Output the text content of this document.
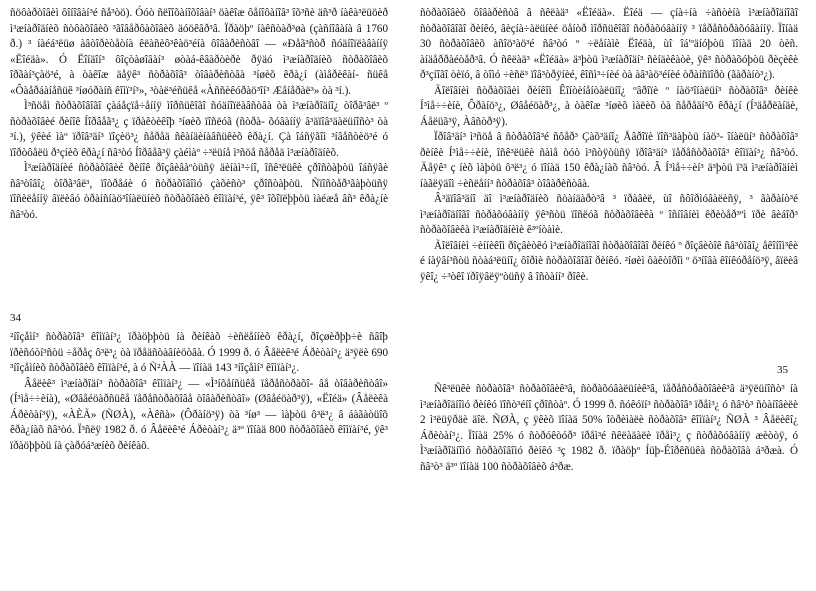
ñöôàðòîâèì ôîíîâàí³é ñå³òö). Óóò ñëîîõàíîõîâàí³ öàêîæ ôåíîôàíîâ³ îõ³ñè äñ³ð íàêà³ëüöèð ì³æíàðîäíèõ ñòôàõîâèõ ³ãîâåðôàõîâèõ äóöêâð³â. Ïðàöþº íàêñòàð³øà (çàñíîâàíà â 1760 ð.) ³ íàéá³ëüø àâòîðèòåòíà êëàñèô³êàö³éíà ôîâàðèñòâî — «Ðåã³ñòð ñóäíîïëàâàííÿ «Ëîéäà». Ó Ëîíäîí³ ôîçòàøîâàí³ øòàá-êâàðòèðè ðÿäó ì³æíàðîäíèõ ñòðàõîâèõ îðãàí³çàö³é, à òàêîæ äåÿê³ ñòðàõîâ³ òîâàðèñòâà ³íøèõ êðà¿í (àìåðèêàí- ñüêå «Ôàåðáàíåñüê ³íøóðàíñ êîìï³í³», ³òàë³éñüêå «Àññèêóðàö³îí³ Æåíåðàë³» òà ³í.).

Ì³ñöåì ñòðàõîâîãî çàáåçïå÷åííÿ ìîðñüêîãî ñóäíîïëàâñòâà òà ì³æíàðîäíî¿ òîðã³âë³ º ñòðàõîâèé ðèíîê Íîðâåã³¿ ç ïðàêòèêîþ ³íøèõ ïîñëóã (ñòðà- õóâàííÿ â³äïîâ³äàëüíîñò³ òà ³í.), ÿêèé ìàº ïðîâ³äí³ ïîçèö³¿ ñåðåä ñêàíäèíàâñüêèõ êðà¿í. Çà îáñÿãîì ³íâåñòèö³é ó ïîðòôåëü ð³çíèõ êðà¿í ñâ³òó Íîðâåã³ÿ çàéìàº ÷³ëüíå ì³ñöå ñåðåä ì³æíàðîäíèõ.

Ì³æíàðîäíèé ñòðàõîâèé ðèíîê ðîçâèâàºòüñÿ äèíàì³÷íî, îñê³ëüêè çðîñòàþòü îáñÿãè ñâ³òîâî¿ òîðã³âë³, ïîòðåáè ó ñòðàõîâîìó çàõèñò³ çðîñòàþòü. Ñïîñòåð³ãàþòüñÿ ïîñèëåííÿ âïëèâó òðàíñíàö³îíàëüíèõ ñòðàõîâèõ êîìïàí³é, ÿê³ îõîïëþþòü ìàéæå âñ³ êðà¿íè ñâ³òó.

34

²íîçåìí³ ñòðàõîâ³ êîìïàí³¿ ïðàöþþòü íà ðèíêàõ ÷èñëåííèõ êðà¿í, ðîçøèðþþ÷è ñâîþ ïðèñóòí³ñòü ÷åðåç ô³ë³¿ òà ïðåäñòàâíèöòâà. Ó 1999 ð. ó Âåëèê³é Áðèòàí³¿ ä³ÿëè 690 ³íîçåìíèõ ñòðàõîâèõ êîìïàí³é, à ó Ñ²ÀÀ — ïîíàä 143 ³íîçåìí³ êîìïàí³¿.

Âåëèê³ ì³æíàðîäí³ ñòðàõîâ³ êîìïàí³¿ — «Ì³íõåíñüêå ïåðåñòðàõî- âå òîâàðèñòâî» (Í³ìå÷÷èíà), «Øâåéöàðñüêå ïåðåñòðàõîâå òîâàðèñòâî» (Øâåéöàð³ÿ), «Ëîéä» (Âåëèêà Áðèòàí³ÿ), «ÀÈÃ» (ÑØÀ), «Àêñà» (Ôðàíö³ÿ) òà ³íø³ — ìàþòü ô³ë³¿ â áàãàòüîõ êðà¿íàõ ñâ³òó. Ï³ñëÿ 1982 ð. ó Âåëèê³é Áðèòàí³¿ ä³º ïîíàä 800 ñòðàõîâèõ êîìïàí³é, ÿê³ ïðàöþþòü íà çàðóá³æíèõ ðèíêàõ.

ñòðàõîâèõ ôîâàðèñòâ â ñêëàä³ «Ëîéäà». Ëîéä — çíà÷íà ÷àñòèíà ì³æíàðîäíîãî ñòðàõîâîãî ðèíêó, âèçíà÷àëüíèé öåíòð ìîðñüêîãî ñòðàõóâàííÿ ³ ïåðåñòðàõóâàííÿ. Ïîíàä 30 ñòðàõîâèõ àñîö³àö³é ñâ³òó º ÷ëåíàìè Ëîéäà, ùî îá'ºäíóþòü ïîíàä 20 òèñ. àíäåððàéòåð³â. Ó ñêëàä³ «Ëîéäà» ä³þòü ì³æíàðîäí³ ñèíäèêàòè, ÿê³ ñòðàõóþòü ðèçèêè ð³çíîãî òèïó, â òîìó ÷èñë³ ïîâ³òðÿíèé, êîñì³÷íèé òà àâ³àö³éíèé òðàíñïîðò (ãàðàíò³¿).

Ãîëîâíèì ñòðàõîâèì ðèíêîì Êîíòèíåíòàëüíî¿ ºâðîïè º íàö³îíàëüí³ ñòðàõîâ³ ðèíêè Í³ìå÷÷èíè, Ôðàíö³¿, Øâåéöàð³¿, à òàêîæ ³íøèõ ìàëèõ òà ñåðåäí³õ êðà¿í (Í³äåðëàíäè, Áåëüã³ÿ, Àâñòð³ÿ).

Ïðîâ³äí³ ì³ñöå â ñòðàõîâ³é ñôåð³ Çàõ³äíî¿ Åâðîïè ïîñ³äàþòü íàö³- îíàëüí³ ñòðàõîâ³ ðèíêè Í³ìå÷÷èíè, îñê³ëüêè ñàìå òóò ì³ñòÿòüñÿ ïðîâ³äí³ ïåðåñòðàõîâ³ êîìïàí³¿ ñâ³òó. Äåÿê³ ç íèõ ìàþòü ô³ë³¿ ó ïîíàä 150 êðà¿íàõ ñâ³òó. Â Í³ìå÷÷èí³ ä³þòü ï³ä ì³æíàðîäíèì íàãëÿäîì ÷èñëåíí³ ñòðàõîâ³ òîâàðèñòâà.

Â³äïîâ³äíî äî ì³æíàðîäíèõ ñòàíäàðò³â ³ ïðàâèë, ùî ñôîðìóâàëèñÿ, ³ ãàðàíò³é ì³æíàðîäíîãî ñòðàõóâàííÿ ÿê³ñòü ïîñëóã ñòðàõîâèêà º îñíîâíèì êðèòåð³ºì ïðè âèáîð³ ñòðàõîâèêà ì³æíàðîäíèìè ê³ºíòàìè.

Ãîëîâíèì ÷èííèêîì ðîçâèòêó ì³æíàðîäíîãî ñòðàõîâîãî ðèíêó º ðîçâèòîê ñâ³òîâî¿ åêîíîì³êè é íàÿâí³ñòü ñòàá³ëüíî¿ ôîðìè ñòðàõîâîãî ðèíêó. ²íøèì ôàêòîðîì º ö³íîâà êîíêóðåíö³ÿ, âïëèâ ÿêî¿ ÷³òêî ïðîÿâëÿºòüñÿ â îñòàíí³ ðîêè.

35

Ñê³ëüêè ñòðàõîâ³ ñòðàõîâèê³â, ñòðàõóâàëüíèê³â, ïåðåñòðàõîâèê³â ä³ÿëüíîñò³ íà ì³æíàðîäíîìó ðèíêó ïîñò³éíî çðîñòàº. Ó 1999 ð. ñóêóïí³ ñòðàõîâ³ ïðåì³¿ ó ñâ³ò³ ñòàíîâèëè 2 ì³ëüÿðäè äîë. ÑØÀ, ç ÿêèõ ïîíàä 50% îòðèìàëè ñòðàõîâ³ êîìïàí³¿ ÑØÀ ³ Âåëèêî¿ Áðèòàí³¿. Ïîíàä 25% ó ñòðóêòóð³ ïðåì³é ñêëàäàëè ïðåì³¿ ç ñòðàõóâàííÿ æèòòÿ, ó Ì³æíàðîäíîìó ñòðàõîâîìó ðèíêó ³ç 1982 ð. ïðàöþº Íüþ-Éîðêñüêà ñòðàõîâà á³ðæà. Ó ñâ³ò³ ä³º ïîíàä 100 ñòðàõîâèõ á³ðæ.
